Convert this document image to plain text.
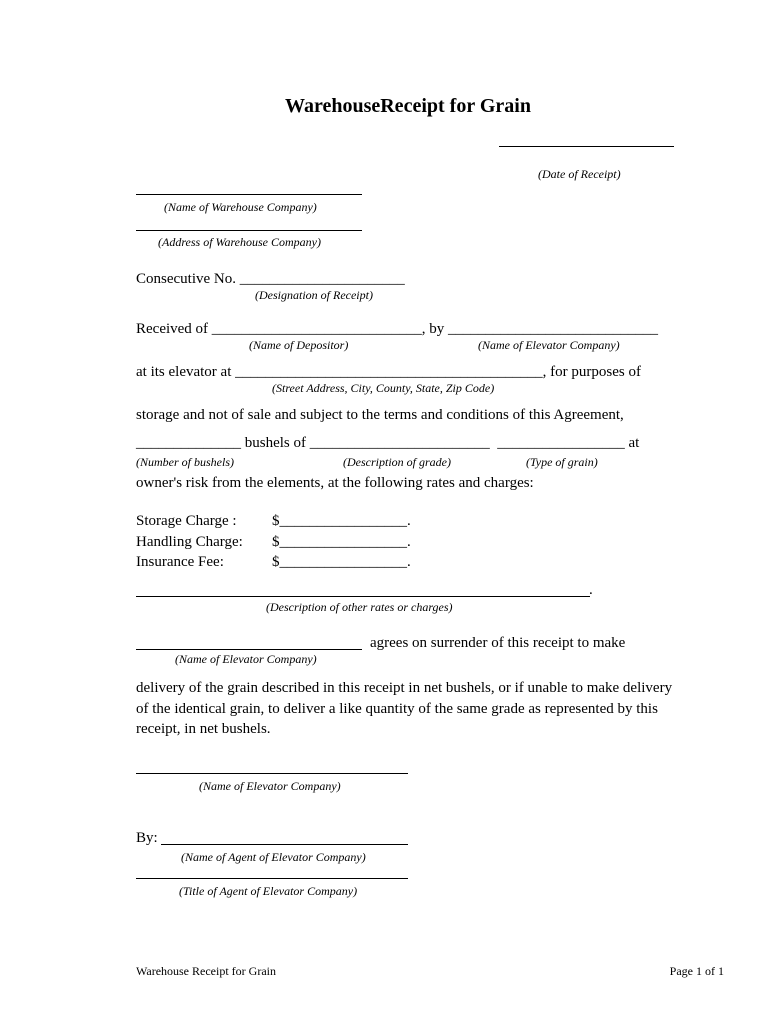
WarehouseReceipt for Grain
(Date of Receipt)
(Name of Warehouse Company)
(Address of Warehouse Company)
Consecutive No. ______________________
(Designation of Receipt)
Received of ____________________________, by ____________________________
(Name of Depositor)	(Name of Elevator Company)
at its elevator at _________________________________________, for purposes of
(Street Address, City, County, State, Zip Code)
storage and not of sale and subject to the terms and conditions of this Agreement,
______________ bushels of ________________________  _________________ at
(Number of bushels)	(Description of grade)	(Type of grain)
owner's risk from the elements, at the following rates and charges:
Storage Charge : $_________________.
Handling Charge: $_________________.
Insurance Fee:	$_________________.
.
(Description of other rates or charges)
agrees on surrender of this receipt to make
(Name of Elevator Company)
delivery of the grain described in this receipt in net bushels, or if unable to make delivery
of the identical grain, to deliver a like quantity of the same grade as represented by this
receipt, in net bushels.
(Name of Elevator Company)
By:
(Name of Agent of Elevator Company)
(Title of Agent of Elevator Company)
Warehouse Receipt for Grain	Page 1 of 1
